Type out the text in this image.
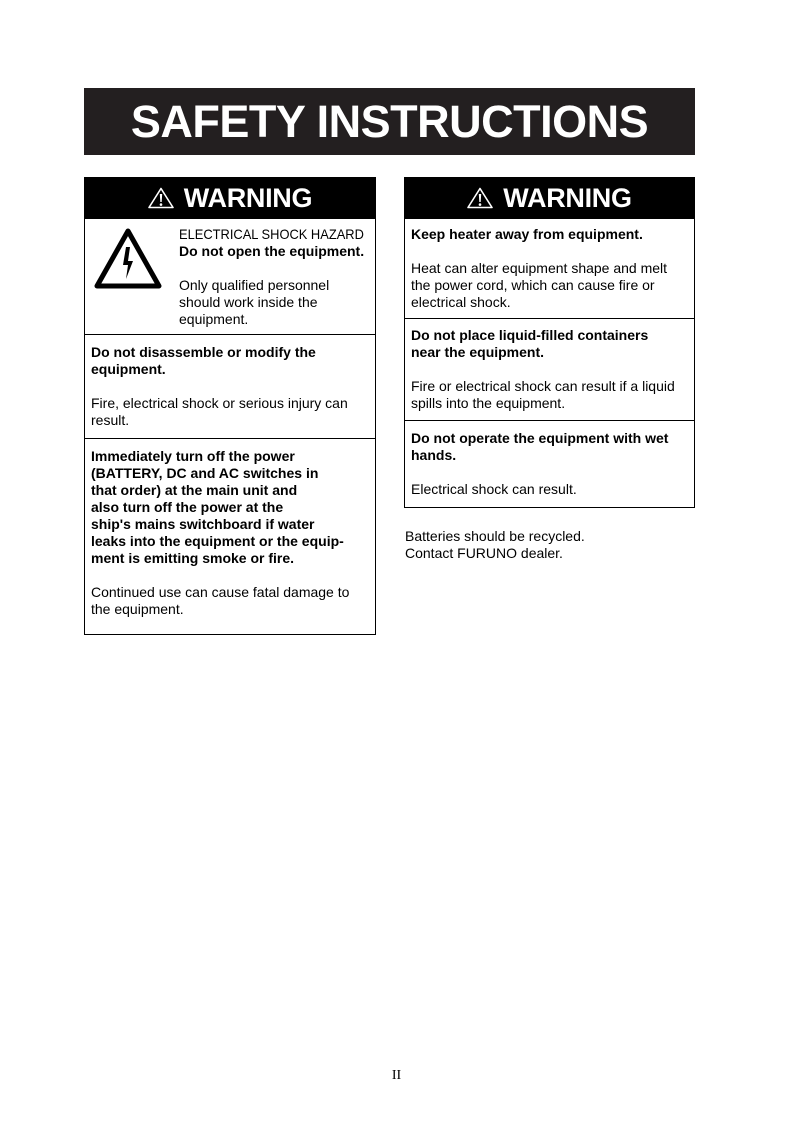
SAFETY INSTRUCTIONS
WARNING
ELECTRICAL SHOCK HAZARD
Do not open the equipment.
Only qualified personnel
should work inside the
equipment.
Do not disassemble or modify the
equipment.
Fire, electrical shock or serious injury can
result.
Immediately turn off the power
(BATTERY, DC and AC switches in
that order) at the main unit and
also turn off the power at the
ship's mains switchboard if water
leaks into the equipment or the equip-
ment is emitting smoke or fire.
Continued use can cause fatal damage to
the equipment.
WARNING
Keep heater away from equipment.
Heat can alter equipment shape and melt
the power cord, which can cause fire or
electrical shock.
Do not place liquid-filled containers
near the equipment.
Fire or electrical shock can result if a liquid
spills into the equipment.
Do not operate the equipment with wet
hands.
Electrical shock can result.
Batteries should be recycled.
Contact FURUNO dealer.
II
